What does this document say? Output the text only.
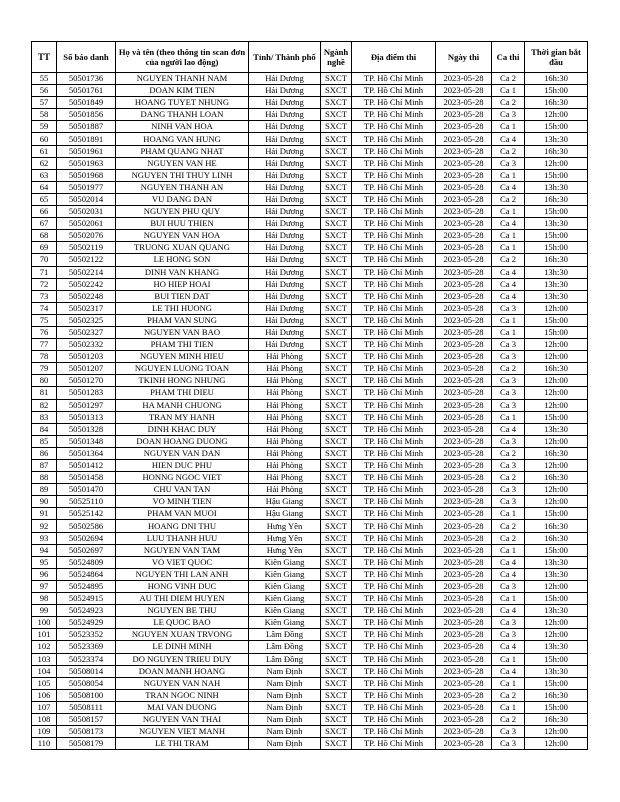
TT	Số báo danh	Họ và tên (theo thông tin scan đơn của người lao động)	Tỉnh/ Thành phố	Ngành nghề	Địa điểm thi	Ngày thi	Ca thi	Thời gian bắt đầu
55	50501736	NGUYEN THANH NAM	Hải Dương	SXCT	TP. Hồ Chí Minh	2023-05-28	Ca 2	16h:30
56	50501761	DOAN KIM TIEN	Hải Dương	SXCT	TP. Hồ Chí Minh	2023-05-28	Ca 1	15h:00
57	50501849	HOANG TUYET NHUNG	Hải Dương	SXCT	TP. Hồ Chí Minh	2023-05-28	Ca 2	16h:30
58	50501856	DANG THANH LOAN	Hải Dương	SXCT	TP. Hồ Chí Minh	2023-05-28	Ca 3	12h:00
59	50501887	NINH VAN HOA	Hải Dương	SXCT	TP. Hồ Chí Minh	2023-05-28	Ca 1	15h:00
60	50501891	HOANG VAN HUNG	Hải Dương	SXCT	TP. Hồ Chí Minh	2023-05-28	Ca 4	13h:30
61	50501961	PHAM QUANG NHAT	Hải Dương	SXCT	TP. Hồ Chí Minh	2023-05-28	Ca 2	16h:30
62	50501963	NGUYEN VAN HE	Hải Dương	SXCT	TP. Hồ Chí Minh	2023-05-28	Ca 3	12h:00
63	50501968	NGUYEN THI THUY LINH	Hải Dương	SXCT	TP. Hồ Chí Minh	2023-05-28	Ca 1	15h:00
64	50501977	NGUYEN THANH AN	Hải Dương	SXCT	TP. Hồ Chí Minh	2023-05-28	Ca 4	13h:30
65	50502014	VU DANG DAN	Hải Dương	SXCT	TP. Hồ Chí Minh	2023-05-28	Ca 2	16h:30
66	50502031	NGUYEN PHU QUY	Hải Dương	SXCT	TP. Hồ Chí Minh	2023-05-28	Ca 1	15h:00
67	50502061	BUI HUU THIEN	Hải Dương	SXCT	TP. Hồ Chí Minh	2023-05-28	Ca 4	13h:30
68	50502076	NGUYEN VAN HOA	Hải Dương	SXCT	TP. Hồ Chí Minh	2023-05-28	Ca 1	15h:00
69	50502119	TRUONG XUAN QUANG	Hải Dương	SXCT	TP. Hồ Chí Minh	2023-05-28	Ca 1	15h:00
70	50502122	LE HONG SON	Hải Dương	SXCT	TP. Hồ Chí Minh	2023-05-28	Ca 2	16h:30
71	50502214	DINH VAN KHANG	Hải Dương	SXCT	TP. Hồ Chí Minh	2023-05-28	Ca 4	13h:30
72	50502242	HO HIEP HOAI	Hải Dương	SXCT	TP. Hồ Chí Minh	2023-05-28	Ca 4	13h:30
73	50502248	BUI TIEN DAT	Hải Dương	SXCT	TP. Hồ Chí Minh	2023-05-28	Ca 4	13h:30
74	50502317	LE THI HUONG	Hải Dương	SXCT	TP. Hồ Chí Minh	2023-05-28	Ca 3	12h:00
75	50502325	PHAM VAN SUNG	Hải Dương	SXCT	TP. Hồ Chí Minh	2023-05-28	Ca 1	15h:00
76	50502327	NGUYEN VAN BAO	Hải Dương	SXCT	TP. Hồ Chí Minh	2023-05-28	Ca 1	15h:00
77	50502332	PHAM THI TIEN	Hải Dương	SXCT	TP. Hồ Chí Minh	2023-05-28	Ca 3	12h:00
78	50501203	NGUYEN MINH HIEU	Hải Phòng	SXCT	TP. Hồ Chí Minh	2023-05-28	Ca 3	12h:00
79	50501207	NGUYEN LUONG TOAN	Hải Phòng	SXCT	TP. Hồ Chí Minh	2023-05-28	Ca 2	16h:30
80	50501270	TKINH HONG NHUNG	Hải Phòng	SXCT	TP. Hồ Chí Minh	2023-05-28	Ca 3	12h:00
81	50501283	PHAM THI DIEU	Hải Phòng	SXCT	TP. Hồ Chí Minh	2023-05-28	Ca 3	12h:00
82	50501297	HA MANH CHUONG	Hải Phòng	SXCT	TP. Hồ Chí Minh	2023-05-28	Ca 3	12h:00
83	50501313	TRAN MY HANH	Hải Phòng	SXCT	TP. Hồ Chí Minh	2023-05-28	Ca 1	15h:00
84	50501328	DINH KHAC DUY	Hải Phòng	SXCT	TP. Hồ Chí Minh	2023-05-28	Ca 4	13h:30
85	50501348	DOAN HOANG DUONG	Hải Phòng	SXCT	TP. Hồ Chí Minh	2023-05-28	Ca 3	12h:00
86	50501364	NGUYEN VAN DAN	Hải Phòng	SXCT	TP. Hồ Chí Minh	2023-05-28	Ca 2	16h:30
87	50501412	HIEN DUC PHU	Hải Phòng	SXCT	TP. Hồ Chí Minh	2023-05-28	Ca 3	12h:00
88	50501458	HONNG NGOC VIET	Hải Phòng	SXCT	TP. Hồ Chí Minh	2023-05-28	Ca 2	16h:30
89	50501470	CHU VAN TAN	Hải Phòng	SXCT	TP. Hồ Chí Minh	2023-05-28	Ca 3	12h:00
90	50525110	VO MINH TIEN	Hậu Giang	SXCT	TP. Hồ Chí Minh	2023-05-28	Ca 3	12h:00
91	50525142	PHAM VAN MUOI	Hậu Giang	SXCT	TP. Hồ Chí Minh	2023-05-28	Ca 1	15h:00
92	50502586	HOANG DNI THU	Hưng Yên	SXCT	TP. Hồ Chí Minh	2023-05-28	Ca 2	16h:30
93	50502694	LUU THANH HUU	Hưng Yên	SXCT	TP. Hồ Chí Minh	2023-05-28	Ca 2	16h:30
94	50502697	NGUYEN VAN TAM	Hưng Yên	SXCT	TP. Hồ Chí Minh	2023-05-28	Ca 1	15h:00
95	50524809	VO VIET QUOC	Kiên Giang	SXCT	TP. Hồ Chí Minh	2023-05-28	Ca 4	13h:30
96	50524864	NGUYEN THI LAN ANH	Kiên Giang	SXCT	TP. Hồ Chí Minh	2023-05-28	Ca 4	13h:30
97	50524895	HONG VINH DUC	Kiên Giang	SXCT	TP. Hồ Chí Minh	2023-05-28	Ca 3	12h:00
98	50524915	AU THI DIEM HUYEN	Kiên Giang	SXCT	TP. Hồ Chí Minh	2023-05-28	Ca 1	15h:00
99	50524923	NGUYEN BE THU	Kiên Giang	SXCT	TP. Hồ Chí Minh	2023-05-28	Ca 4	13h:30
100	50524929	LE QUOC BAO	Kiên Giang	SXCT	TP. Hồ Chí Minh	2023-05-28	Ca 3	12h:00
101	50523352	NGUYEN XUAN TRVONG	Lâm Đồng	SXCT	TP. Hồ Chí Minh	2023-05-28	Ca 3	12h:00
102	50523369	LE DINH MINH	Lâm Đồng	SXCT	TP. Hồ Chí Minh	2023-05-28	Ca 4	13h:30
103	50523374	DO NGUYEN TRIEU DUY	Lâm Đồng	SXCT	TP. Hồ Chí Minh	2023-05-28	Ca 1	15h:00
104	50508014	DOAN MANH HOANG	Nam Định	SXCT	TP. Hồ Chí Minh	2023-05-28	Ca 4	13h:30
105	50508054	NGUYEN VAN NAH	Nam Định	SXCT	TP. Hồ Chí Minh	2023-05-28	Ca 1	15h:00
106	50508100	TRAN NGOC NINH	Nam Định	SXCT	TP. Hồ Chí Minh	2023-05-28	Ca 2	16h:30
107	50508111	MAI VAN DUONG	Nam Định	SXCT	TP. Hồ Chí Minh	2023-05-28	Ca 1	15h:00
108	50508157	NGUYEN VAN THAI	Nam Định	SXCT	TP. Hồ Chí Minh	2023-05-28	Ca 2	16h:30
109	50508173	NGUYEN VIET MANH	Nam Định	SXCT	TP. Hồ Chí Minh	2023-05-28	Ca 3	12h:00
110	50508179	LE THI TRAM	Nam Định	SXCT	TP. Hồ Chí Minh	2023-05-28	Ca 3	12h:00
